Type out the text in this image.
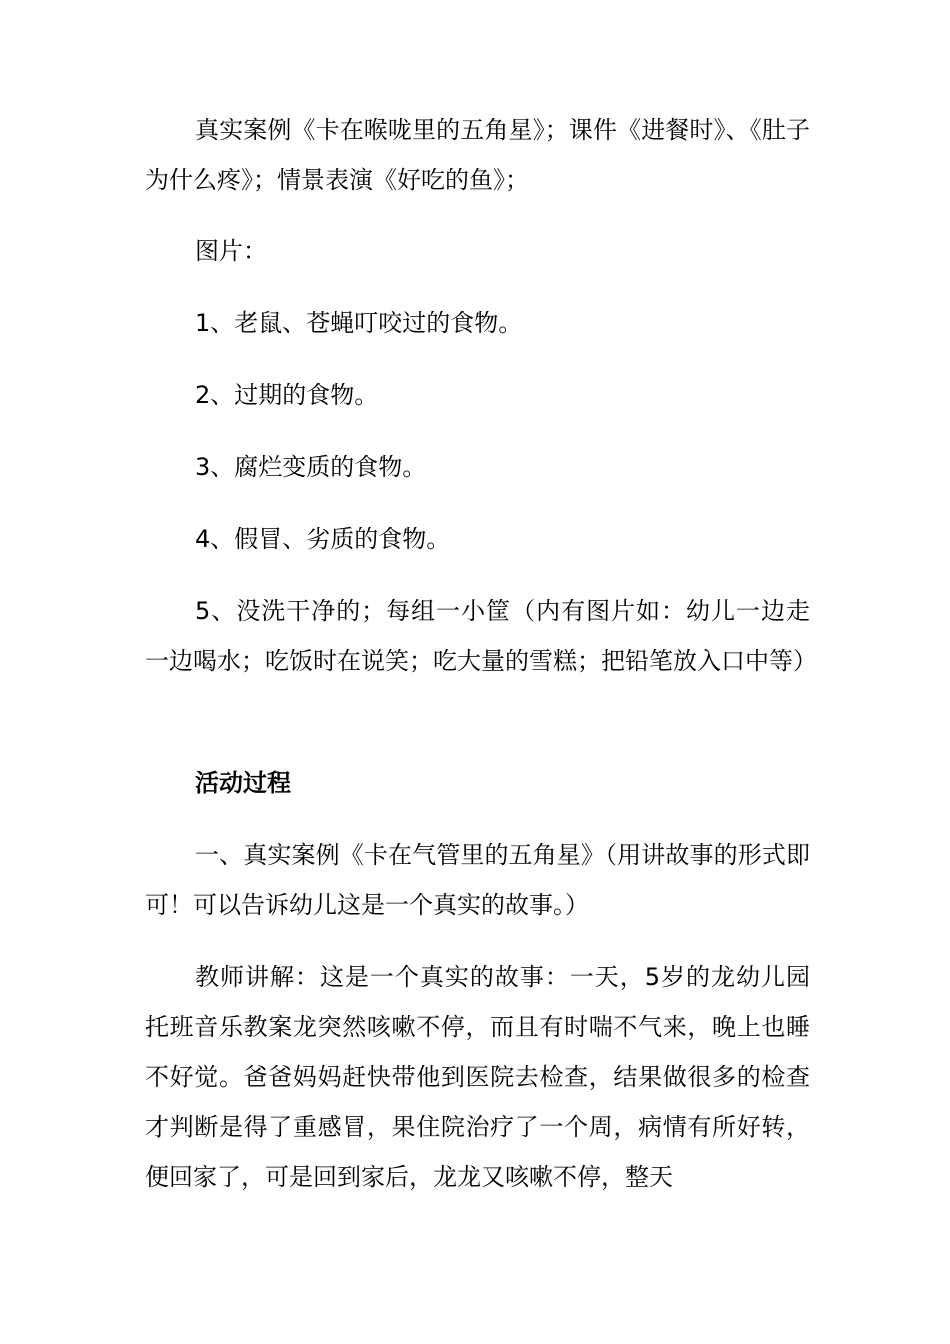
真实案例《卡在喉咙里的五角星》；课件《进餐时》、《肚子为什么疼》；情景表演《好吃的鱼》；

图片：

1、老鼠、苍蝇叮咬过的食物。

2、过期的食物。

3、腐烂变质的食物。

4、假冒、劣质的食物。

5、没洗干净的；每组一小筐（内有图片如：幼儿一边走一边喝水；吃饭时在说笑；吃大量的雪糕；把铅笔放入口中等）

活动过程

一、真实案例《卡在气管里的五角星》（用讲故事的形式即可！可以告诉幼儿这是一个真实的故事。）

教师讲解：这是一个真实的故事：一天，5岁的龙幼儿园托班音乐教案龙突然咳嗽不停，而且有时喘不气来，晚上也睡不好觉。爸爸妈妈赶快带他到医院去检查，结果做很多的检查才判断是得了重感冒，果住院治疗了一个周，病情有所好转，便回家了，可是回到家后，龙龙又咳嗽不停，整天
